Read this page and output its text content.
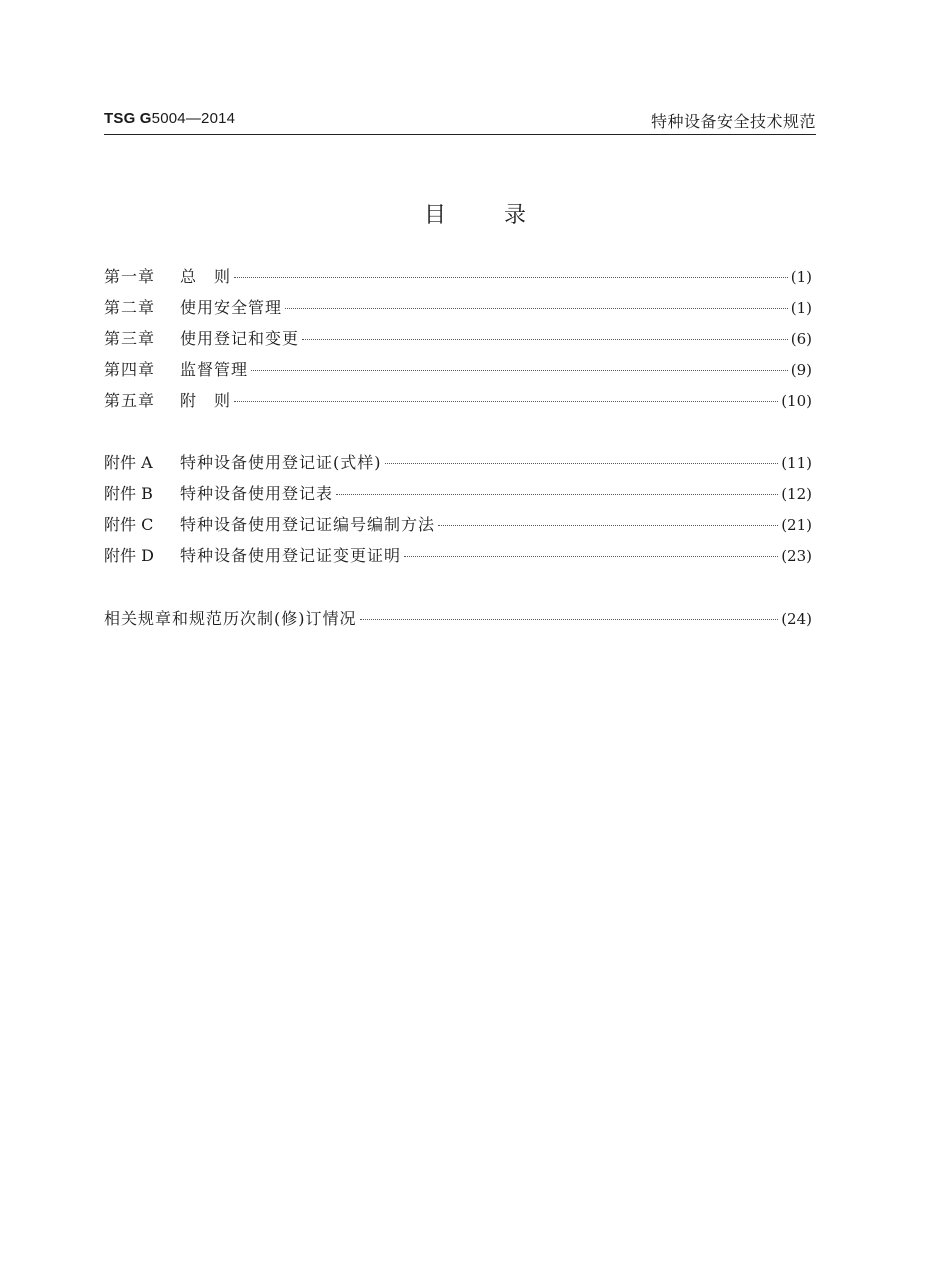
TSG G5004—2014	特种设备安全技术规范
目录
第一章 总　则	(1)
第二章 使用安全管理	(1)
第三章 使用登记和变更	(6)
第四章 监督管理	(9)
第五章 附　则	(10)
附件 A 特种设备使用登记证(式样)	(11)
附件 B 特种设备使用登记表	(12)
附件 C 特种设备使用登记证编号编制方法	(21)
附件 D 特种设备使用登记证变更证明	(23)
相关规章和规范历次制(修)订情况	(24)
